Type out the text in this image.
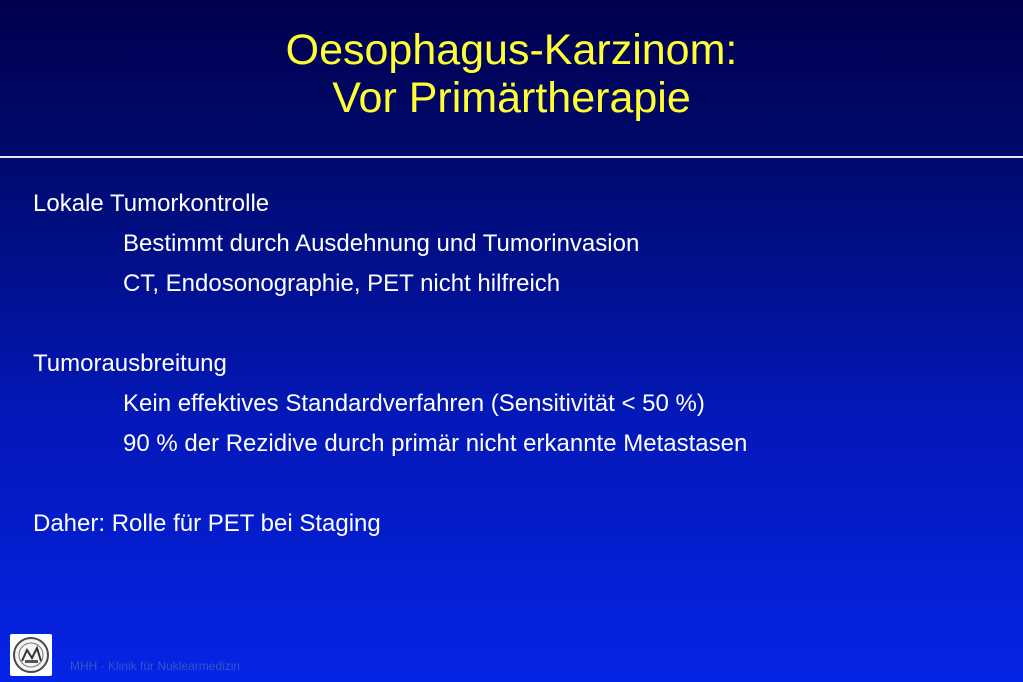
Oesophagus-Karzinom:
Vor Primärtherapie
Lokale Tumorkontrolle
Bestimmt durch Ausdehnung und Tumorinvasion
CT, Endosonographie, PET nicht hilfreich
Tumorausbreitung
Kein effektives Standardverfahren (Sensitivität < 50 %)
90 % der Rezidive durch primär nicht erkannte Metastasen
Daher: Rolle für PET bei Staging
MHH · Klinik für Nuklearmedizin
